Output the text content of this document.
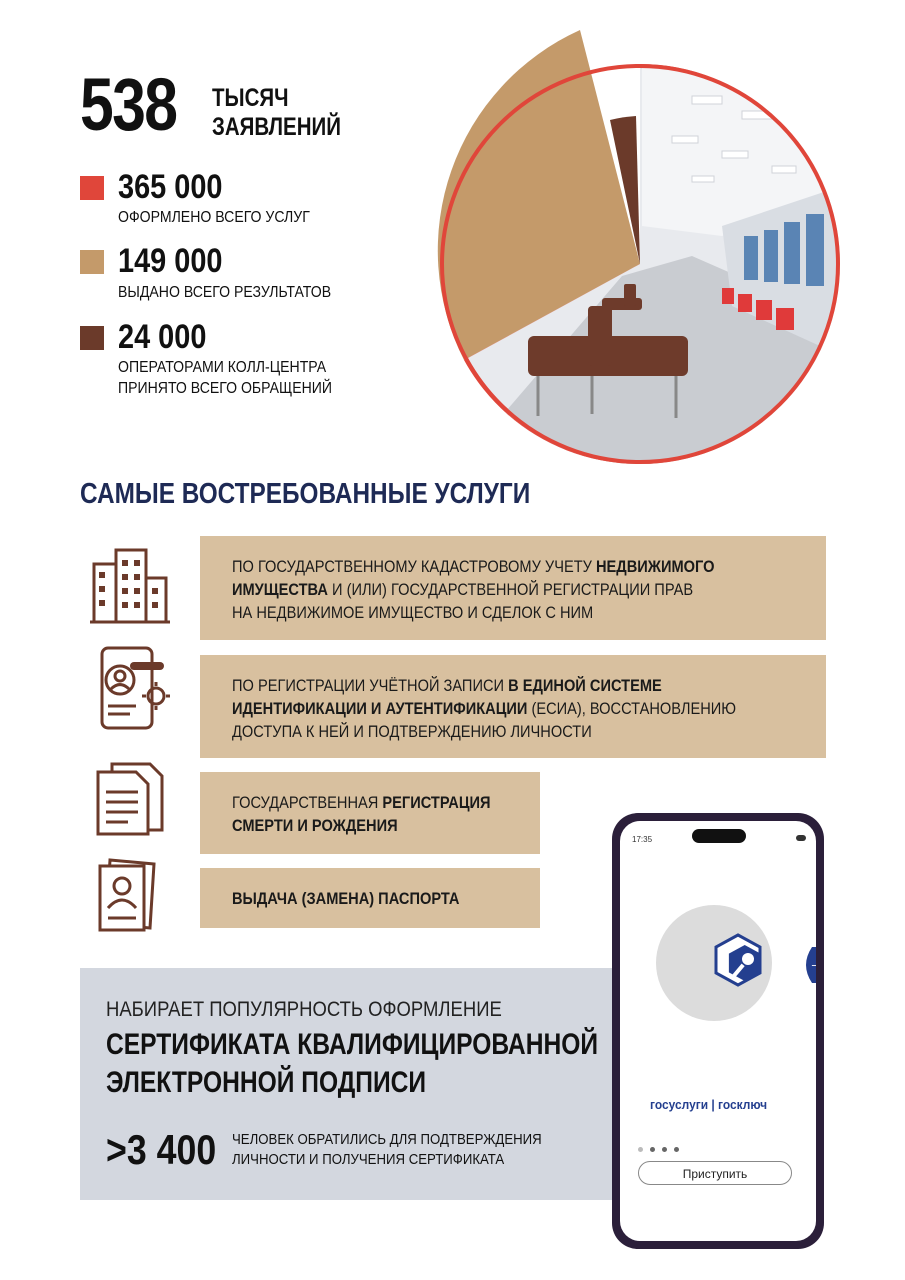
538 ТЫСЯЧ
ЗАЯВЛЕНИЙ
365 000
ОФОРМЛЕНО ВСЕГО УСЛУГ
149 000
ВЫДАНО ВСЕГО РЕЗУЛЬТАТОВ
24 000
ОПЕРАТОРАМИ КОЛЛ-ЦЕНТРА
ПРИНЯТО ВСЕГО ОБРАЩЕНИЙ
САМЫЕ ВОСТРЕБОВАННЫЕ УСЛУГИ
ПО ГОСУДАРСТВЕННОМУ КАДАСТРОВОМУ УЧЕТУ НЕДВИЖИМОГО
ИМУЩЕСТВА И (ИЛИ) ГОСУДАРСТВЕННОЙ РЕГИСТРАЦИИ ПРАВ
НА НЕДВИЖИМОЕ ИМУЩЕСТВО И СДЕЛОК С НИМ
ПО РЕГИСТРАЦИИ УЧЁТНОЙ ЗАПИСИ В ЕДИНОЙ СИСТЕМЕ
ИДЕНТИФИКАЦИИ И АУТЕНТИФИКАЦИИ (ЕСИА), ВОССТАНОВЛЕНИЮ
ДОСТУПА К НЕЙ И ПОДТВЕРЖДЕНИЮ ЛИЧНОСТИ
ГОСУДАРСТВЕННАЯ РЕГИСТРАЦИЯ
СМЕРТИ И РОЖДЕНИЯ
ВЫДАЧА (ЗАМЕНА) ПАСПОРТА
НАБИРАЕТ ПОПУЛЯРНОСТЬ ОФОРМЛЕНИЕ
СЕРТИФИКАТА КВАЛИФИЦИРОВАННОЙ
ЭЛЕКТРОННОЙ ПОДПИСИ
>3 400 ЧЕЛОВЕК ОБРАТИЛИСЬ ДЛЯ ПОДТВЕРЖДЕНИЯ
ЛИЧНОСТИ И ПОЛУЧЕНИЯ СЕРТИФИКАТА
17:35
→
госуслуги | госключ
Приступить
